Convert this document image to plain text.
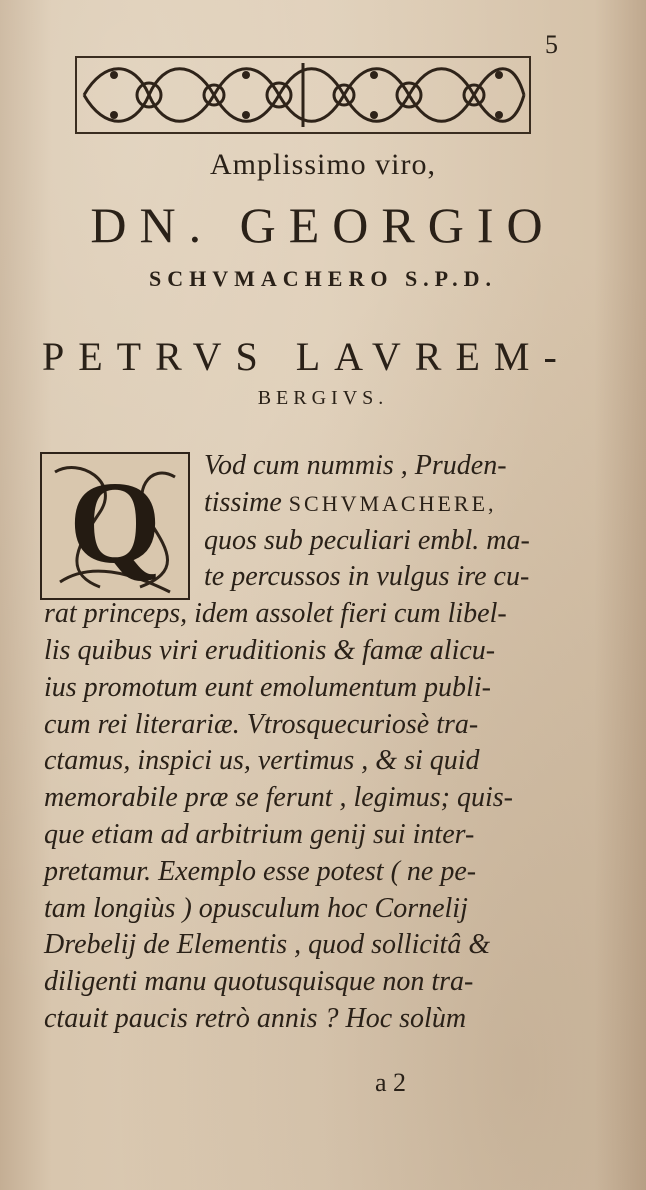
5
Amplissimo viro,
DN. GEORGIO
SCHVMACHERO S.P.D.
PETRVS LAVREM-
BERGIVS.
Q	Vod cum nummis , Pruden-
tissime SCHVMACHERE,
quos sub peculiari embl. ma-
te percussos in vulgus ire cu-
rat princeps, idem assolet fieri cum libel-
lis quibus viri eruditionis & famæ alicu-
ius promotum eunt emolumentum publi-
cum rei literariæ. Vtrosquecuriosè tra-
ctamus, inspici us, vertimus , & si quid
memorabile præ se ferunt , legimus; quis-
que etiam ad arbitrium genij sui inter-
pretamur. Exemplo esse potest ( ne pe-
tam longiùs ) opusculum hoc Cornelij
Drebelij de Elementis , quod sollicitâ &
diligenti manu quotusquisque non tra-
ctauit paucis retrò annis ? Hoc solùm
a 2
